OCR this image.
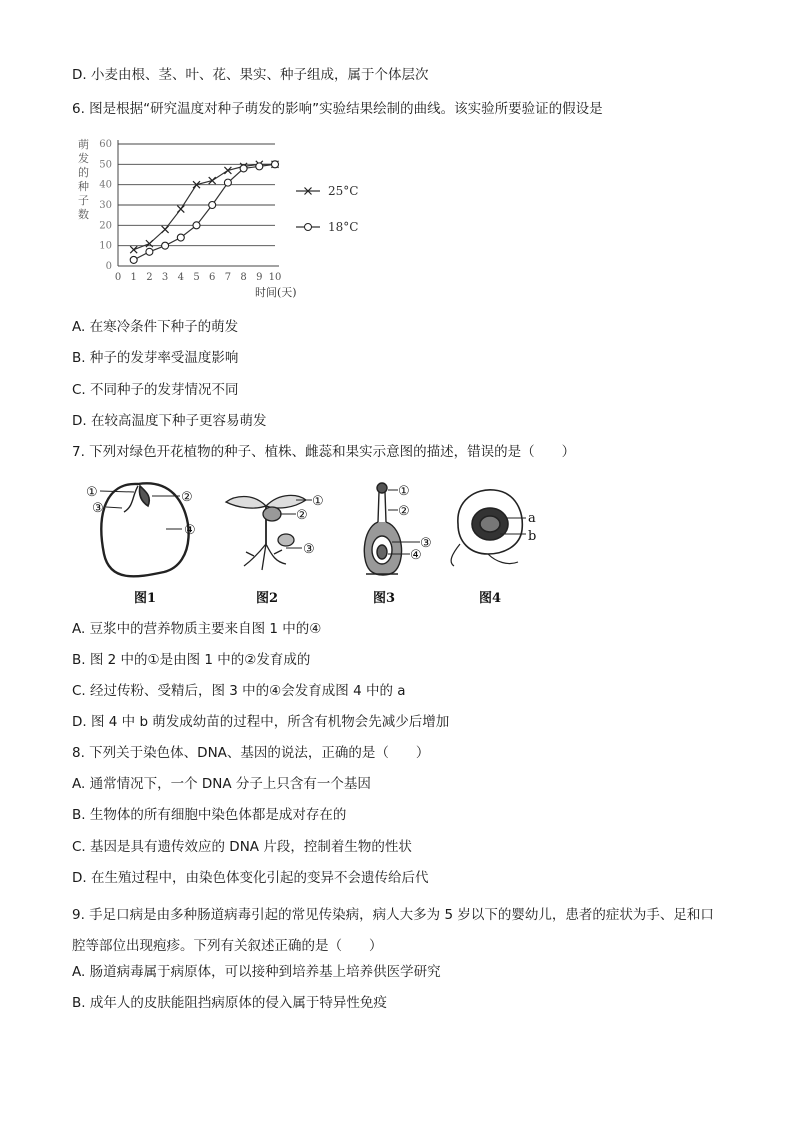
D. 小麦由根、茎、叶、花、果实、种子组成，属于个体层次
6. 图是根据“研究温度对种子萌发的影响”实验结果绘制的曲线。该实验所要验证的假设是
萌
发
的
种
子
数
0
10
20
30
40
50
60
0 1 2 3 4 5 6 7 8 9 10
时间(天)
25°C
18°C
A. 在寒冷条件下种子的萌发
B. 种子的发芽率受温度影响
C. 不同种子的发芽情况不同
D. 在较高温度下种子更容易萌发
7. 下列对绿色开花植物的种子、植株、雌蕊和果实示意图的描述，错误的是（　　）
①
③
②
④
图1
①
②
③
图2
①
②
③
④
图3
a
b
图4
A. 豆浆中的营养物质主要来自图 1 中的④
B. 图 2 中的①是由图 1 中的②发育成的
C. 经过传粉、受精后，图 3 中的④会发育成图 4 中的 a
D. 图 4 中 b 萌发成幼苗的过程中，所含有机物会先减少后增加
8. 下列关于染色体、DNA、基因的说法，正确的是（　　）
A. 通常情况下，一个 DNA 分子上只含有一个基因
B. 生物体的所有细胞中染色体都是成对存在的
C. 基因是具有遗传效应的 DNA 片段，控制着生物的性状
D. 在生殖过程中，由染色体变化引起的变异不会遗传给后代
9. 手足口病是由多种肠道病毒引起的常见传染病，病人大多为 5 岁以下的婴幼儿，患者的症状为手、足和口腔等部位出现疱疹。下列有关叙述正确的是（　　）
A. 肠道病毒属于病原体，可以接种到培养基上培养供医学研究
B. 成年人的皮肤能阻挡病原体的侵入属于特异性免疫
